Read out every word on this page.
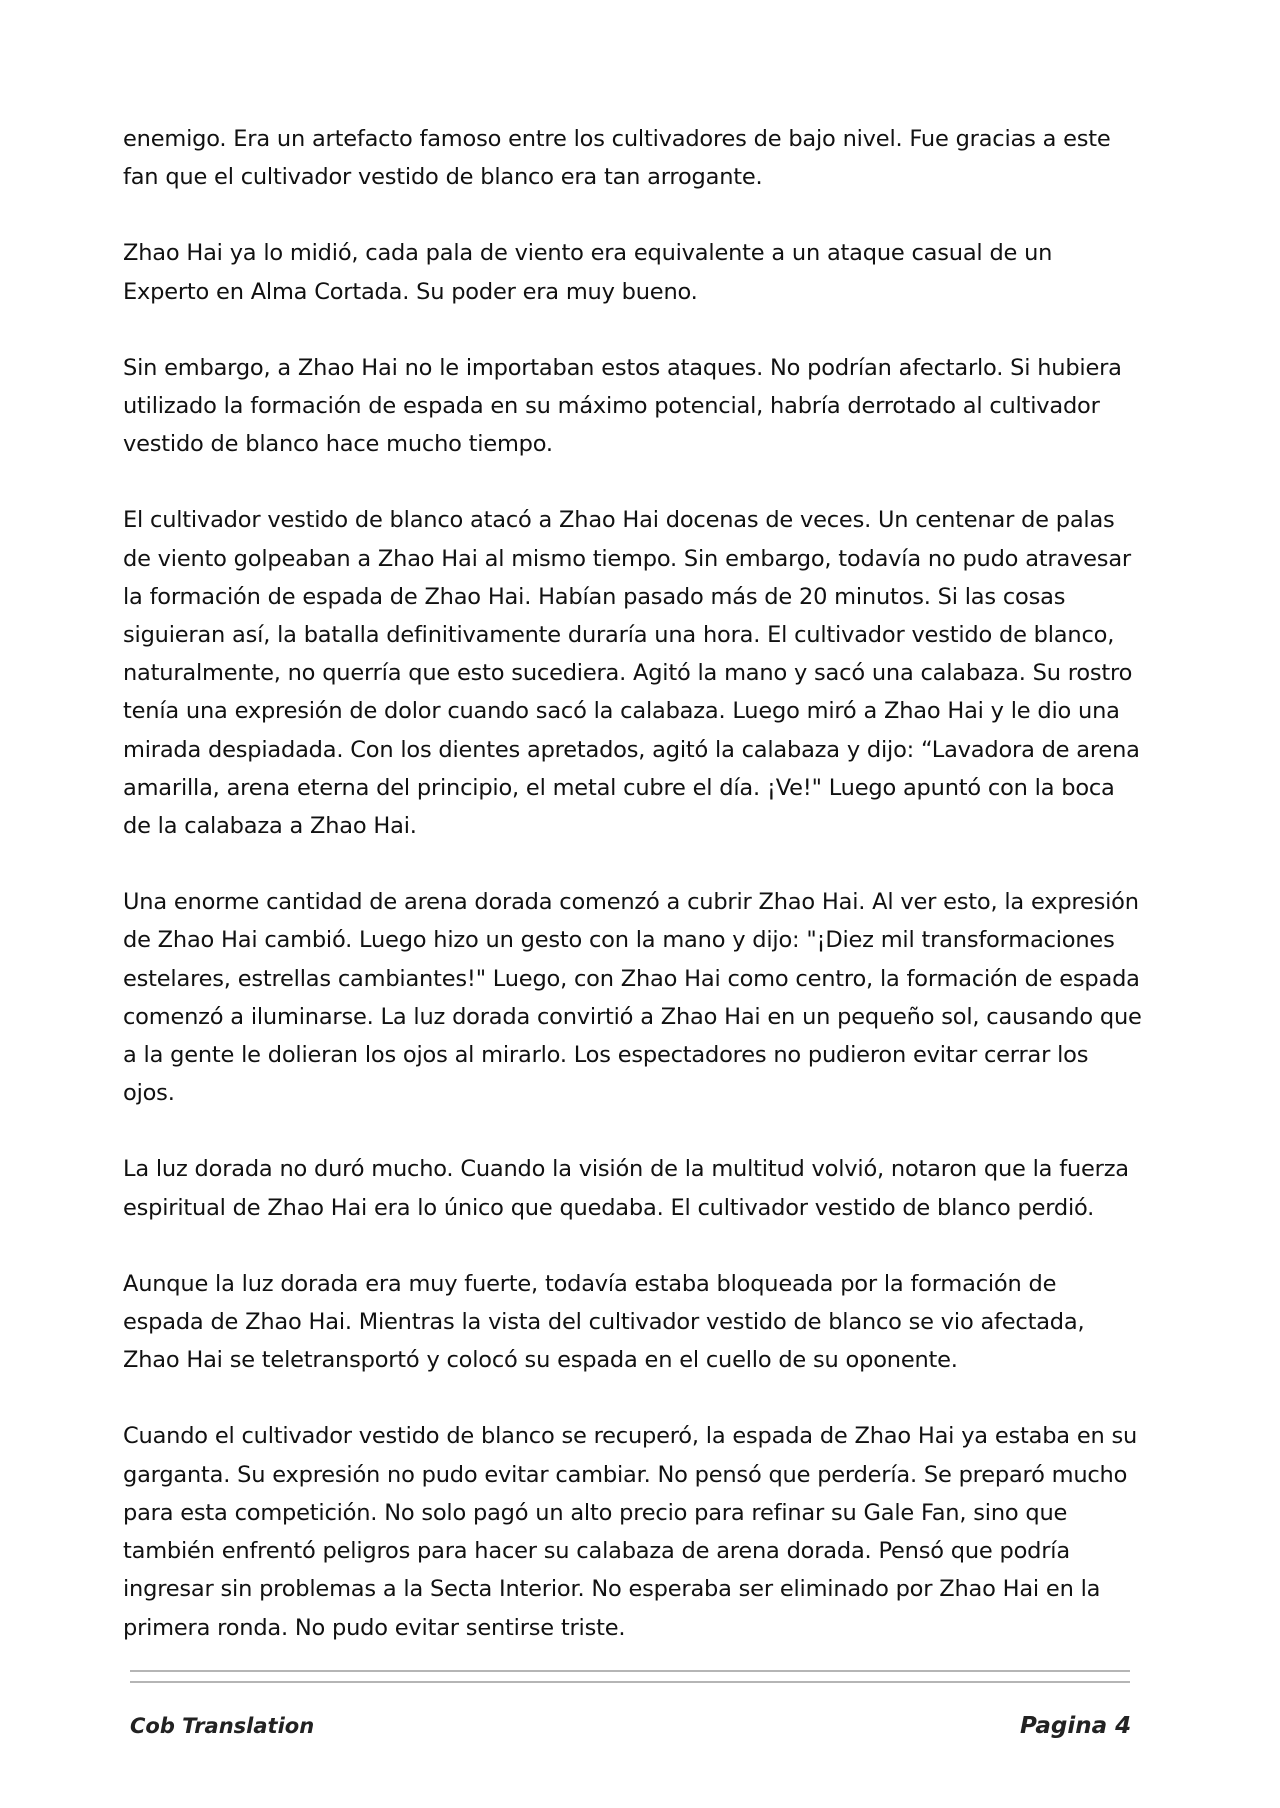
enemigo. Era un artefacto famoso entre los cultivadores de bajo nivel. Fue gracias a este fan que el cultivador vestido de blanco era tan arrogante.

Zhao Hai ya lo midió, cada pala de viento era equivalente a un ataque casual de un Experto en Alma Cortada. Su poder era muy bueno.

Sin embargo, a Zhao Hai no le importaban estos ataques. No podrían afectarlo. Si hubiera utilizado la formación de espada en su máximo potencial, habría derrotado al cultivador vestido de blanco hace mucho tiempo.

El cultivador vestido de blanco atacó a Zhao Hai docenas de veces. Un centenar de palas de viento golpeaban a Zhao Hai al mismo tiempo. Sin embargo, todavía no pudo atravesar la formación de espada de Zhao Hai. Habían pasado más de 20 minutos. Si las cosas siguieran así, la batalla definitivamente duraría una hora. El cultivador vestido de blanco, naturalmente, no querría que esto sucediera. Agitó la mano y sacó una calabaza. Su rostro tenía una expresión de dolor cuando sacó la calabaza. Luego miró a Zhao Hai y le dio una mirada despiadada. Con los dientes apretados, agitó la calabaza y dijo: “Lavadora de arena amarilla, arena eterna del principio, el metal cubre el día. ¡Ve!" Luego apuntó con la boca de la calabaza a Zhao Hai.

Una enorme cantidad de arena dorada comenzó a cubrir Zhao Hai. Al ver esto, la expresión de Zhao Hai cambió. Luego hizo un gesto con la mano y dijo: "¡Diez mil transformaciones estelares, estrellas cambiantes!" Luego, con Zhao Hai como centro, la formación de espada comenzó a iluminarse. La luz dorada convirtió a Zhao Hai en un pequeño sol, causando que a la gente le dolieran los ojos al mirarlo. Los espectadores no pudieron evitar cerrar los ojos.

La luz dorada no duró mucho. Cuando la visión de la multitud volvió, notaron que la fuerza espiritual de Zhao Hai era lo único que quedaba. El cultivador vestido de blanco perdió.

Aunque la luz dorada era muy fuerte, todavía estaba bloqueada por la formación de espada de Zhao Hai. Mientras la vista del cultivador vestido de blanco se vio afectada, Zhao Hai se teletransportó y colocó su espada en el cuello de su oponente.

Cuando el cultivador vestido de blanco se recuperó, la espada de Zhao Hai ya estaba en su garganta. Su expresión no pudo evitar cambiar. No pensó que perdería. Se preparó mucho para esta competición. No solo pagó un alto precio para refinar su Gale Fan, sino que también enfrentó peligros para hacer su calabaza de arena dorada. Pensó que podría ingresar sin problemas a la Secta Interior. No esperaba ser eliminado por Zhao Hai en la primera ronda. No pudo evitar sentirse triste.

Cob Translation	Pagina 4
